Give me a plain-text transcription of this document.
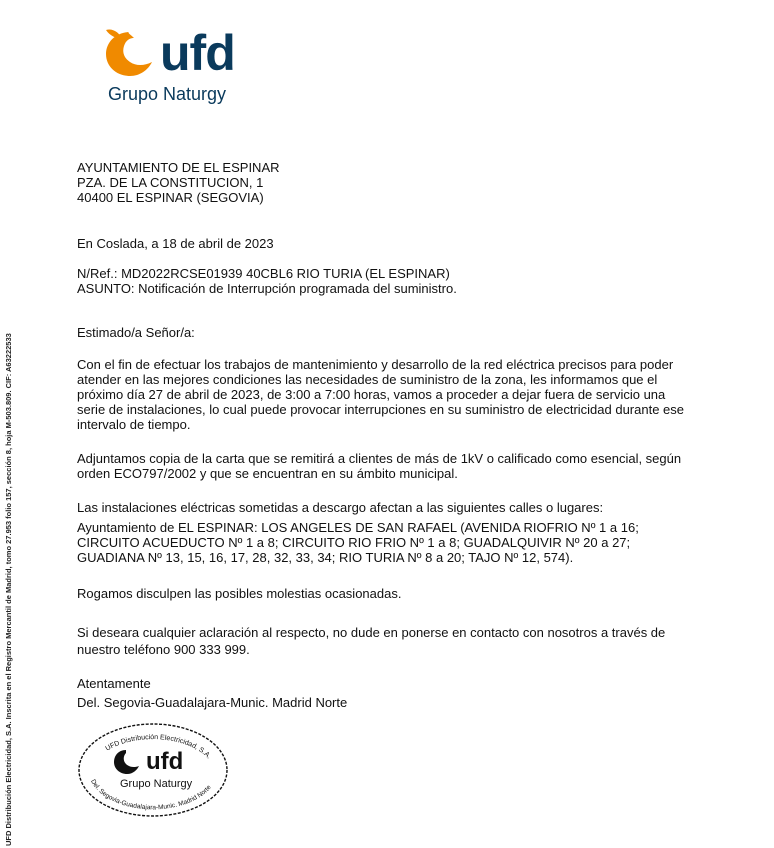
ufd
Grupo Naturgy
AYUNTAMIENTO DE EL ESPINAR
PZA. DE LA CONSTITUCION, 1
40400 EL ESPINAR (SEGOVIA)
En Coslada, a 18 de abril de 2023
N/Ref.: MD2022RCSE01939 40CBL6 RIO TURIA (EL ESPINAR)
ASUNTO: Notificación de Interrupción programada del suministro.
Estimado/a Señor/a:
Con el fin de efectuar los trabajos de mantenimiento y desarrollo de la red eléctrica precisos para poder
atender en las mejores condiciones las necesidades de suministro de la zona, les informamos que el
próximo día 27 de abril de 2023, de 3:00 a 7:00 horas, vamos a proceder a dejar fuera de servicio una
serie de instalaciones, lo cual puede provocar interrupciones en su suministro de electricidad durante ese
intervalo de tiempo.
Adjuntamos copia de la carta que se remitirá a clientes de más de 1kV o calificado como esencial, según
orden ECO797/2002 y que se encuentran en su ámbito municipal.
Las instalaciones eléctricas sometidas a descargo afectan a las siguientes calles o lugares:
Ayuntamiento de EL ESPINAR: LOS ANGELES DE SAN RAFAEL (AVENIDA RIOFRIO Nº 1 a 16;
CIRCUITO ACUEDUCTO Nº 1 a 8; CIRCUITO RIO FRIO Nº 1 a 8; GUADALQUIVIR Nº 20 a 27;
GUADIANA Nº 13, 15, 16, 17, 28, 32, 33, 34; RIO TURIA Nº 8 a 20; TAJO Nº 12, 574).
Rogamos disculpen las posibles molestias ocasionadas.
Si deseara cualquier aclaración al respecto, no dude en ponerse en contacto con nosotros a través de
nuestro teléfono 900 333 999.
Atentamente
Del. Segovia-Guadalajara-Munic. Madrid Norte
UFD Distribución Electricidad, S.A.
Del. Segovia-Guadalajara-Munic. Madrid Norte
ufd
Grupo Naturgy
UFD Distribución Electricidad, S.A. Inscrita en el Registro Mercantil de Madrid, tomo 27.953 folio 157, sección 8, hoja M-503.809. CIF: A63222533
